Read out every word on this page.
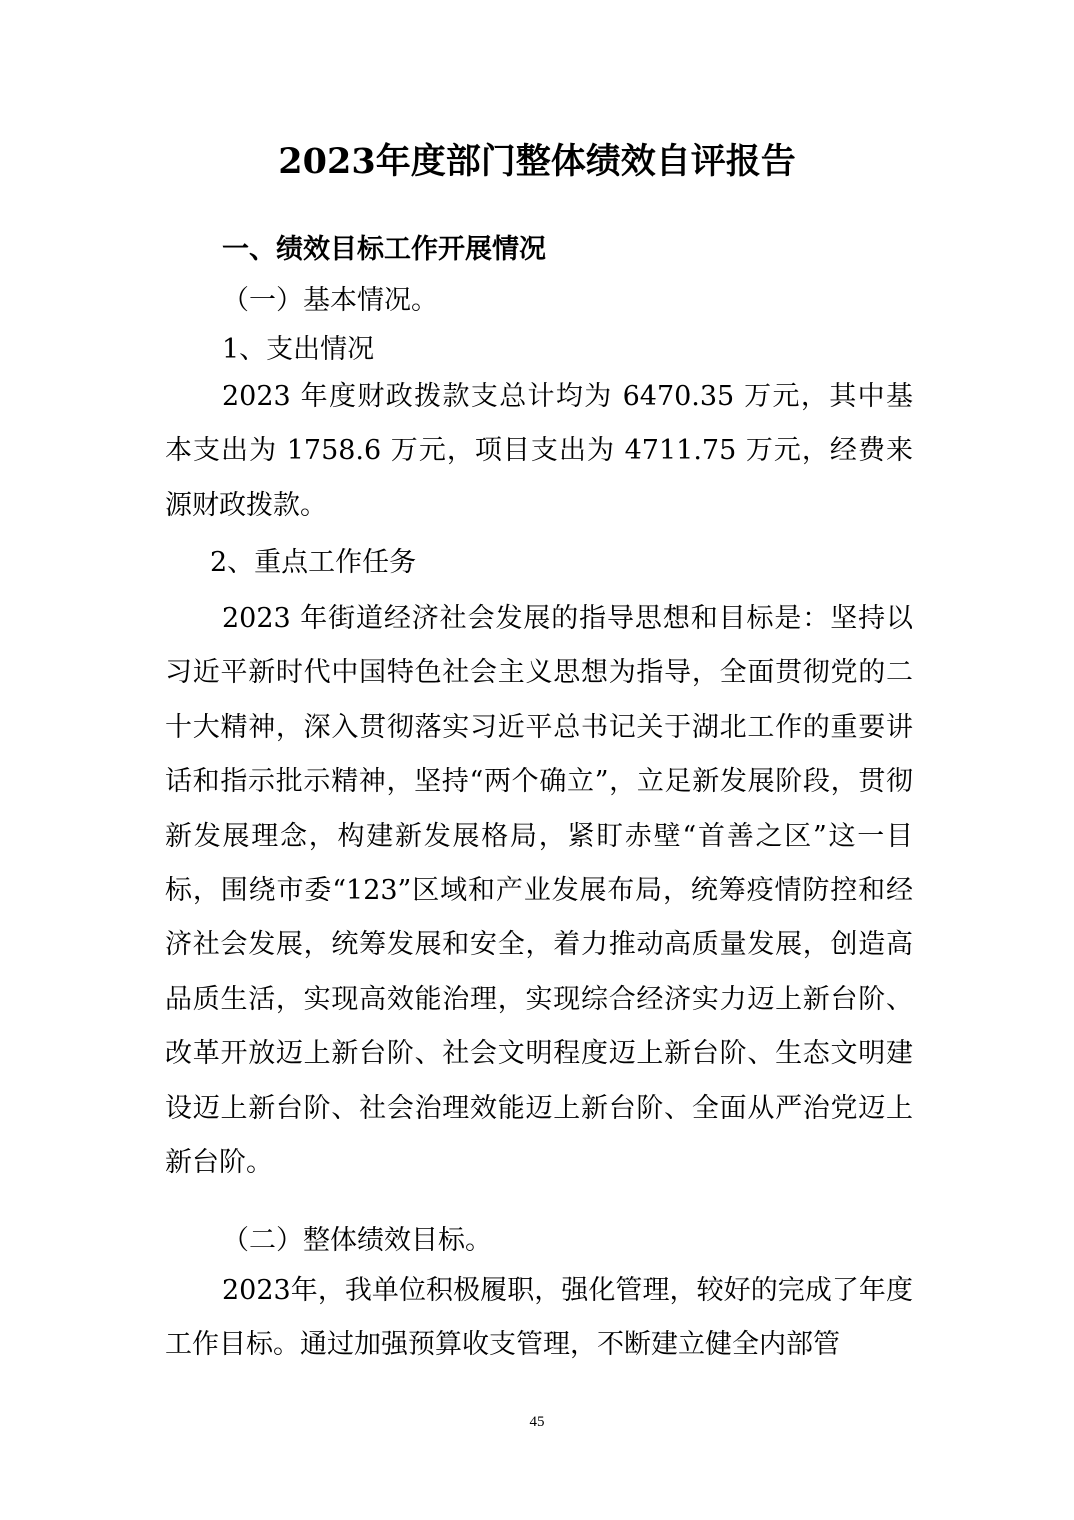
2023年度部门整体绩效自评报告
一、绩效目标工作开展情况
（一）基本情况。
1、支出情况
2023 年度财政拨款支总计均为 6470.35 万元，其中基本支出为 1758.6 万元，项目支出为 4711.75 万元，经费来源财政拨款。
2、重点工作任务
2023 年街道经济社会发展的指导思想和目标是：坚持以习近平新时代中国特色社会主义思想为指导，全面贯彻党的二十大精神，深入贯彻落实习近平总书记关于湖北工作的重要讲话和指示批示精神，坚持“两个确立”，立足新发展阶段，贯彻新发展理念，构建新发展格局，紧盯赤壁“首善之区”这一目标，围绕市委“123”区域和产业发展布局，统筹疫情防控和经济社会发展，统筹发展和安全，着力推动高质量发展，创造高品质生活，实现高效能治理，实现综合经济实力迈上新台阶、改革开放迈上新台阶、社会文明程度迈上新台阶、生态文明建设迈上新台阶、社会治理效能迈上新台阶、全面从严治党迈上新台阶。
（二）整体绩效目标。
2023年，我单位积极履职，强化管理，较好的完成了年度工作目标。通过加强预算收支管理，不断建立健全内部管
45
